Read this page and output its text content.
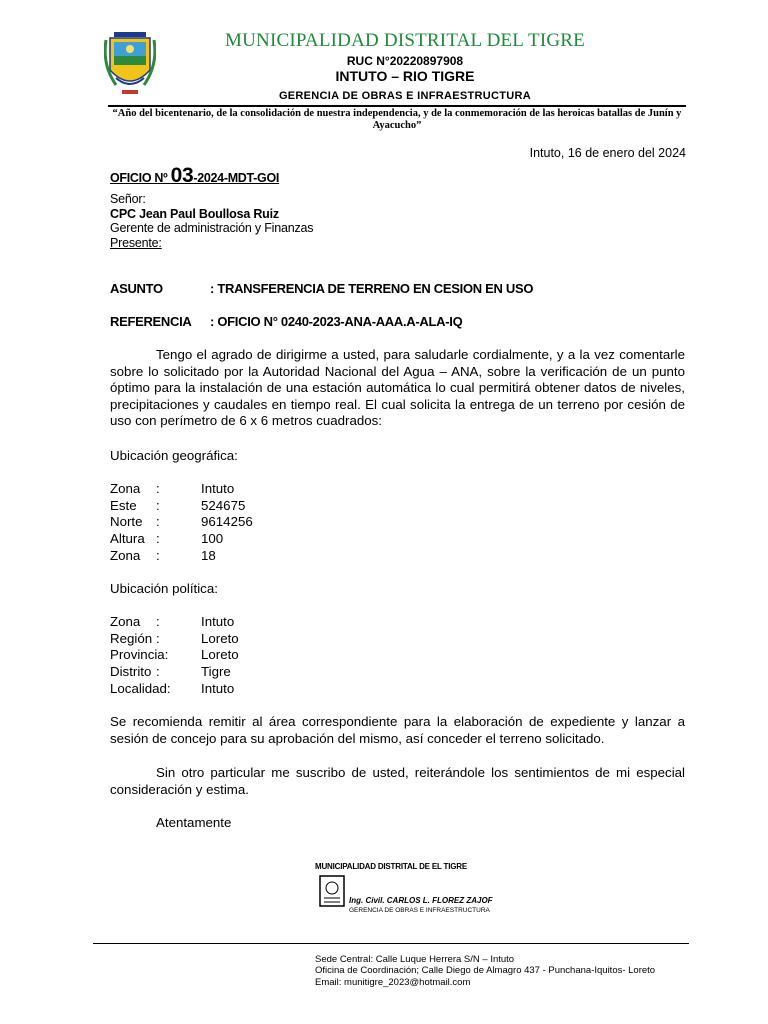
MUNICIPALIDAD DISTRITAL DEL TIGRE
RUC N°20220897908
INTUTO – RIO TIGRE
GERENCIA DE OBRAS E INFRAESTRUCTURA
“Año del bicentenario, de la consolidación de nuestra independencia, y de la conmemoración de las heroicas batallas de Junín y Ayacucho”
Intuto, 16 de enero del 2024
OFICIO Nº 03-2024-MDT-GOI
Señor:
CPC Jean Paul Boullosa Ruiz
Gerente de administración y Finanzas
Presente:
ASUNTO	: TRANSFERENCIA DE TERRENO EN CESION EN USO
REFERENCIA : OFICIO N° 0240-2023-ANA-AAA.A-ALA-IQ
Tengo el agrado de dirigirme a usted, para saludarle cordialmente, y a la vez comentarle sobre lo solicitado por la Autoridad Nacional del Agua – ANA, sobre la verificación de un punto óptimo para la instalación de una estación automática lo cual permitirá obtener datos de niveles, precipitaciones y caudales en tiempo real. El cual solicita la entrega de un terreno por cesión de uso con perímetro de 6 x 6 metros cuadrados:
Ubicación geográfica:
Zona	:	Intuto
Este	:	524675
Norte	:	9614256
Altura :	100
Zona	:	18
Ubicación política:
Zona	:	Intuto
Región :	Loreto
Provincia:	Loreto
Distrito :	Tigre
Localidad:	Intuto
Se recomienda remitir al área correspondiente para la elaboración de expediente y lanzar a sesión de concejo para su aprobación del mismo, así conceder el terreno solicitado.
Sin otro particular me suscribo de usted, reiterándole los sentimientos de mi especial consideración y estima.
Atentamente
MUNICIPALIDAD DISTRITAL DE EL TIGRE
Ing. Civil. CARLOS L. FLOREZ ZAJOF
GERENCIA DE OBRAS E INFRAESTRUCTURA
Sede Central: Calle Luque Herrera S/N – Intuto
Oficina de Coordinación; Calle Diego de Almagro 437 - Punchana-Iquitos- Loreto
Email: munitigre_2023@hotmail.com
